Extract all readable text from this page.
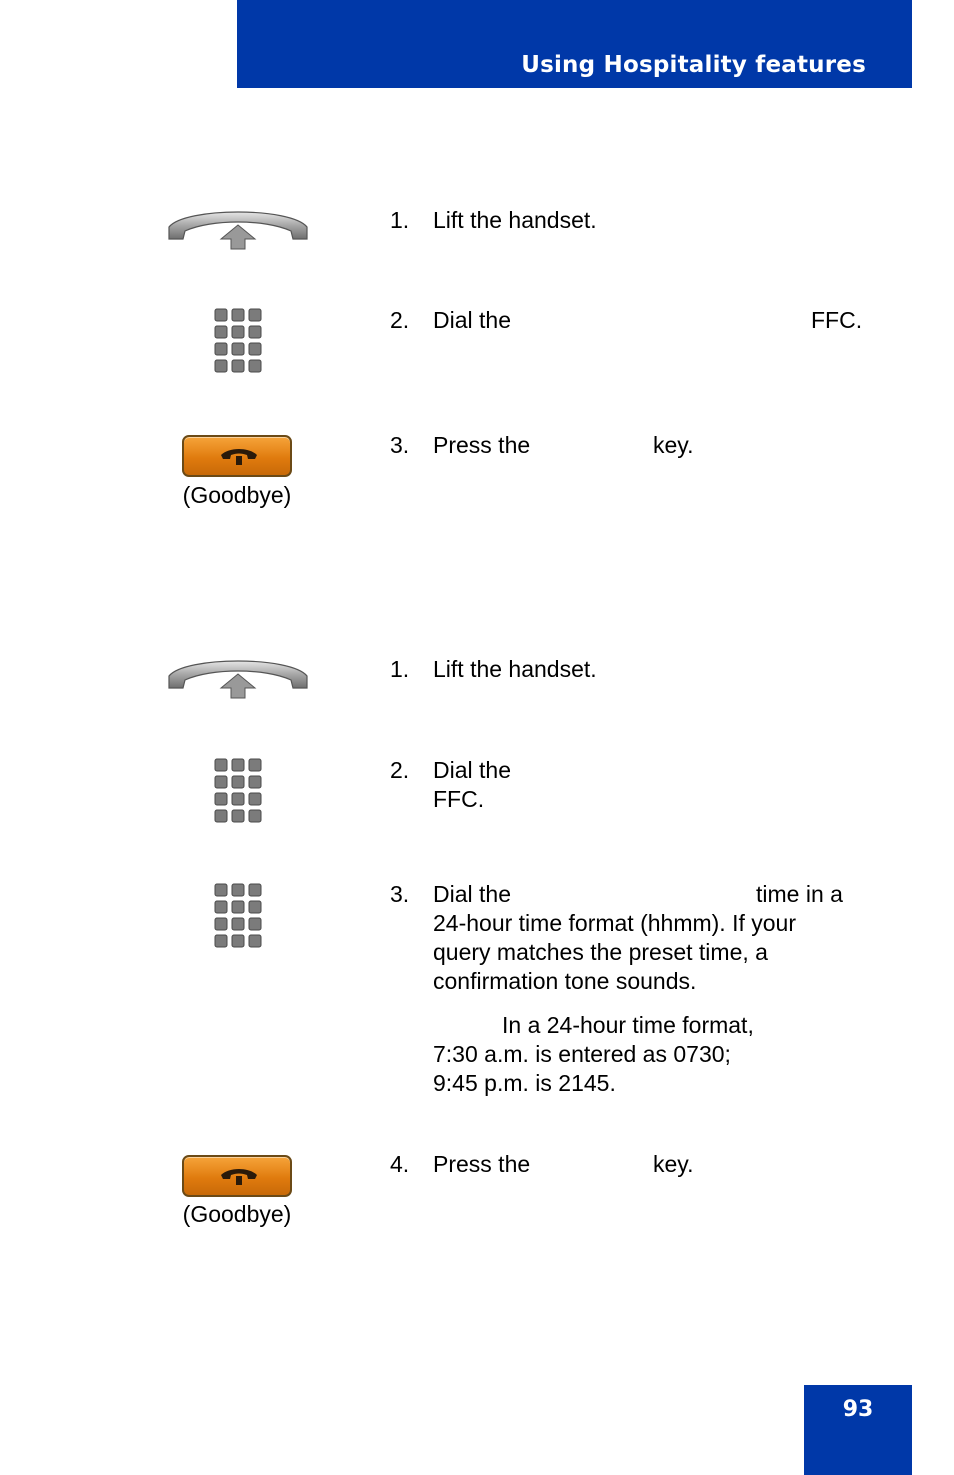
Using Hospitality features
1. Lift the handset.
2. Dial the	FFC.
(Goodbye)
3. Press the	key.
1. Lift the handset.
2. Dial the
FFC.
3. Dial the	time in a
24-hour time format (hhmm). If your
query matches the preset time, a
confirmation tone sounds.
In a 24-hour time format,
7:30 a.m. is entered as 0730;
9:45 p.m. is 2145.
(Goodbye)
4. Press the	key.
93
